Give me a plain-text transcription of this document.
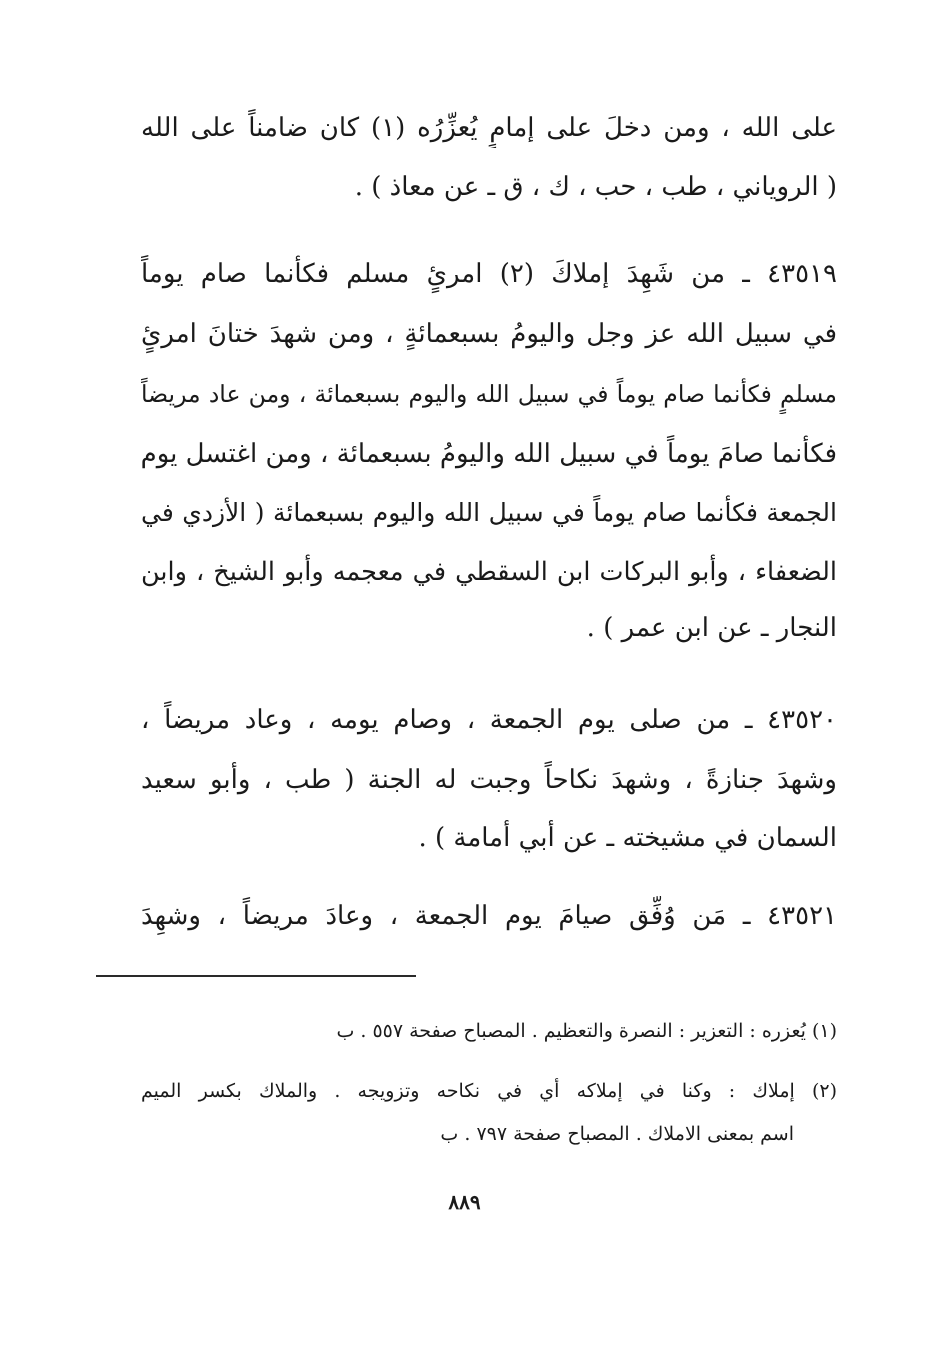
على الله ، ومن دخلَ على إمامٍ يُعزِّرُه (١) كان ضامناً على الله
( الروياني ، طب ، حب ، ك ، ق ـ عن معاذ ) .
٤٣٥١٩ ـ من شَهِدَ إملاكَ (٢) امرئٍ مسلم فكأنما صام يوماً
في سبيل الله عز وجل واليومُ بسبعمائةٍ ، ومن شهدَ ختانَ امرئٍ
مسلمٍ فكأنما صام يوماً في سبيل الله واليوم بسبعمائة ، ومن عاد مريضاً
فكأنما صامَ يوماً في سبيل الله واليومُ بسبعمائة ، ومن اغتسل يوم
الجمعة فكأنما صام يوماً في سبيل الله واليوم بسبعمائة ( الأزدي في
الضعفاء ، وأبو البركات ابن السقطي في معجمه وأبو الشيخ ، وابن
النجار ـ عن ابن عمر ) .
٤٣٥٢٠ ـ من صلى يوم الجمعة ، وصام يومه ، وعاد مريضاً ،
وشهدَ جنازةً ، وشهدَ نكاحاً وجبت له الجنة ( طب ، وأبو سعيد
السمان في مشيخته ـ عن أبي أمامة ) .
٤٣٥٢١ ـ مَن وُفِّق صيامَ يوم الجمعة ، وعادَ مريضاً ، وشهِدَ
(١) يُعزره : التعزير : النصرة والتعظيم . المصباح صفحة ٥٥٧ . ب
(٢) إملاك : وكنا في إملاكه أي في نكاحه وتزويجه . والملاك بكسر الميم
اسم بمعنى الاملاك . المصباح صفحة ٧٩٧ . ب
٨٨٩
